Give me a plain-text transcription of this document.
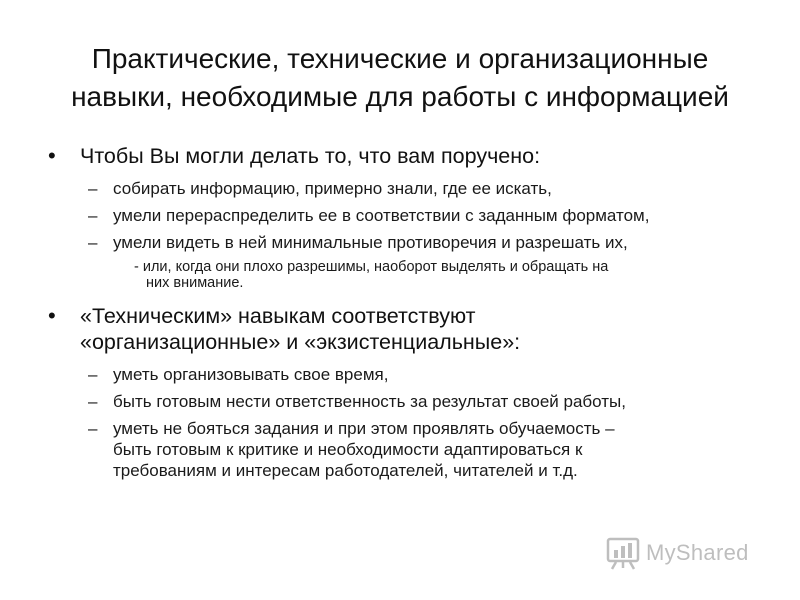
Практические, технические и организационные
навыки, необходимые для работы с информацией
• Чтобы Вы могли делать то, что вам поручено:
– собирать информацию, примерно знали, где ее искать,
– умели перераспределить ее в соответствии с заданным форматом,
– умели видеть в ней минимальные противоречия и разрешать их,
- или, когда они плохо разрешимы, наоборот выделять и обращать на
них внимание.
• «Техническим» навыкам соответствуют
«организационные» и «экзистенциальные»:
– уметь организовывать свое время,
– быть готовым нести ответственность за результат своей работы,
– уметь не бояться задания и при этом проявлять обучаемость –
быть готовым к критике и необходимости адаптироваться к
требованиям и интересам работодателей, читателей и т.д.
MyShared
